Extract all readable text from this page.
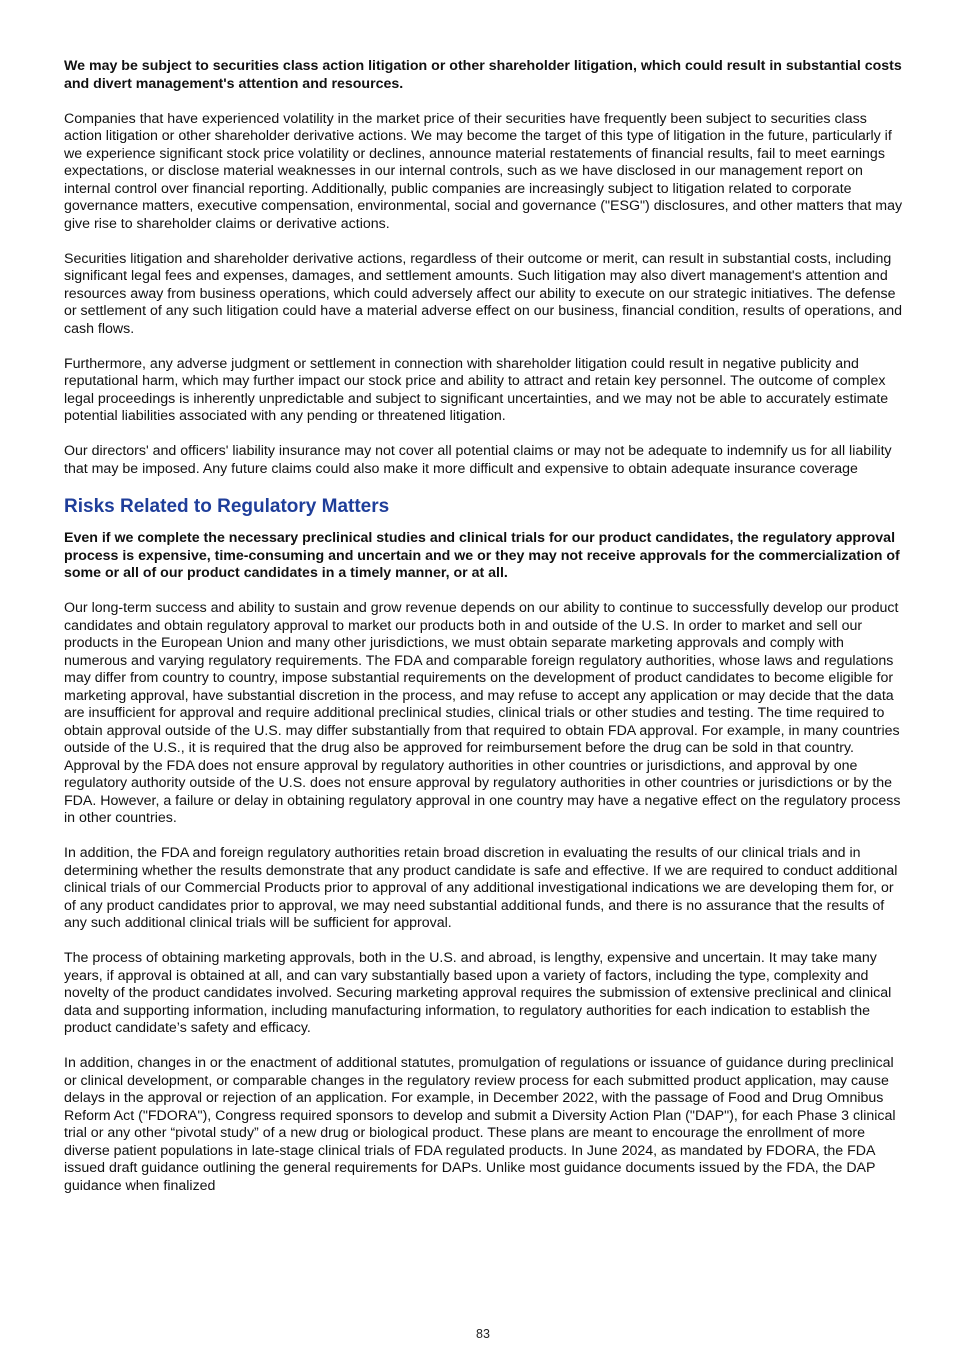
We may be subject to securities class action litigation or other shareholder litigation, which could result in substantial costs and divert management's attention and resources.

Companies that have experienced volatility in the market price of their securities have frequently been subject to securities class action litigation or other shareholder derivative actions. We may become the target of this type of litigation in the future, particularly if we experience significant stock price volatility or declines, announce material restatements of financial results, fail to meet earnings expectations, or disclose material weaknesses in our internal controls, such as we have disclosed in our management report on internal control over financial reporting. Additionally, public companies are increasingly subject to litigation related to corporate governance matters, executive compensation, environmental, social and governance ("ESG") disclosures, and other matters that may give rise to shareholder claims or derivative actions.

Securities litigation and shareholder derivative actions, regardless of their outcome or merit, can result in substantial costs, including significant legal fees and expenses, damages, and settlement amounts. Such litigation may also divert management's attention and resources away from business operations, which could adversely affect our ability to execute on our strategic initiatives. The defense or settlement of any such litigation could have a material adverse effect on our business, financial condition, results of operations, and cash flows.

Furthermore, any adverse judgment or settlement in connection with shareholder litigation could result in negative publicity and reputational harm, which may further impact our stock price and ability to attract and retain key personnel. The outcome of complex legal proceedings is inherently unpredictable and subject to significant uncertainties, and we may not be able to accurately estimate potential liabilities associated with any pending or threatened litigation.

Our directors' and officers' liability insurance may not cover all potential claims or may not be adequate to indemnify us for all liability that may be imposed. Any future claims could also make it more difficult and expensive to obtain adequate insurance coverage

Risks Related to Regulatory Matters

Even if we complete the necessary preclinical studies and clinical trials for our product candidates, the regulatory approval process is expensive, time-consuming and uncertain and we or they may not receive approvals for the commercialization of some or all of our product candidates in a timely manner, or at all.

Our long-term success and ability to sustain and grow revenue depends on our ability to continue to successfully develop our product candidates and obtain regulatory approval to market our products both in and outside of the U.S. In order to market and sell our products in the European Union and many other jurisdictions, we must obtain separate marketing approvals and comply with numerous and varying regulatory requirements. The FDA and comparable foreign regulatory authorities, whose laws and regulations may differ from country to country, impose substantial requirements on the development of product candidates to become eligible for marketing approval, have substantial discretion in the process, and may refuse to accept any application or may decide that the data are insufficient for approval and require additional preclinical studies, clinical trials or other studies and testing. The time required to obtain approval outside of the U.S. may differ substantially from that required to obtain FDA approval. For example, in many countries outside of the U.S., it is required that the drug also be approved for reimbursement before the drug can be sold in that country. Approval by the FDA does not ensure approval by regulatory authorities in other countries or jurisdictions, and approval by one regulatory authority outside of the U.S. does not ensure approval by regulatory authorities in other countries or jurisdictions or by the FDA. However, a failure or delay in obtaining regulatory approval in one country may have a negative effect on the regulatory process in other countries.

In addition, the FDA and foreign regulatory authorities retain broad discretion in evaluating the results of our clinical trials and in determining whether the results demonstrate that any product candidate is safe and effective. If we are required to conduct additional clinical trials of our Commercial Products prior to approval of any additional investigational indications we are developing them for, or of any product candidates prior to approval, we may need substantial additional funds, and there is no assurance that the results of any such additional clinical trials will be sufficient for approval.

The process of obtaining marketing approvals, both in the U.S. and abroad, is lengthy, expensive and uncertain. It may take many years, if approval is obtained at all, and can vary substantially based upon a variety of factors, including the type, complexity and novelty of the product candidates involved. Securing marketing approval requires the submission of extensive preclinical and clinical data and supporting information, including manufacturing information, to regulatory authorities for each indication to establish the product candidate’s safety and efficacy.

In addition, changes in or the enactment of additional statutes, promulgation of regulations or issuance of guidance during preclinical or clinical development, or comparable changes in the regulatory review process for each submitted product application, may cause delays in the approval or rejection of an application. For example, in December 2022, with the passage of Food and Drug Omnibus Reform Act ("FDORA"), Congress required sponsors to develop and submit a Diversity Action Plan ("DAP"), for each Phase 3 clinical trial or any other “pivotal study” of a new drug or biological product. These plans are meant to encourage the enrollment of more diverse patient populations in late-stage clinical trials of FDA regulated products. In June 2024, as mandated by FDORA, the FDA issued draft guidance outlining the general requirements for DAPs. Unlike most guidance documents issued by the FDA, the DAP guidance when finalized

83
